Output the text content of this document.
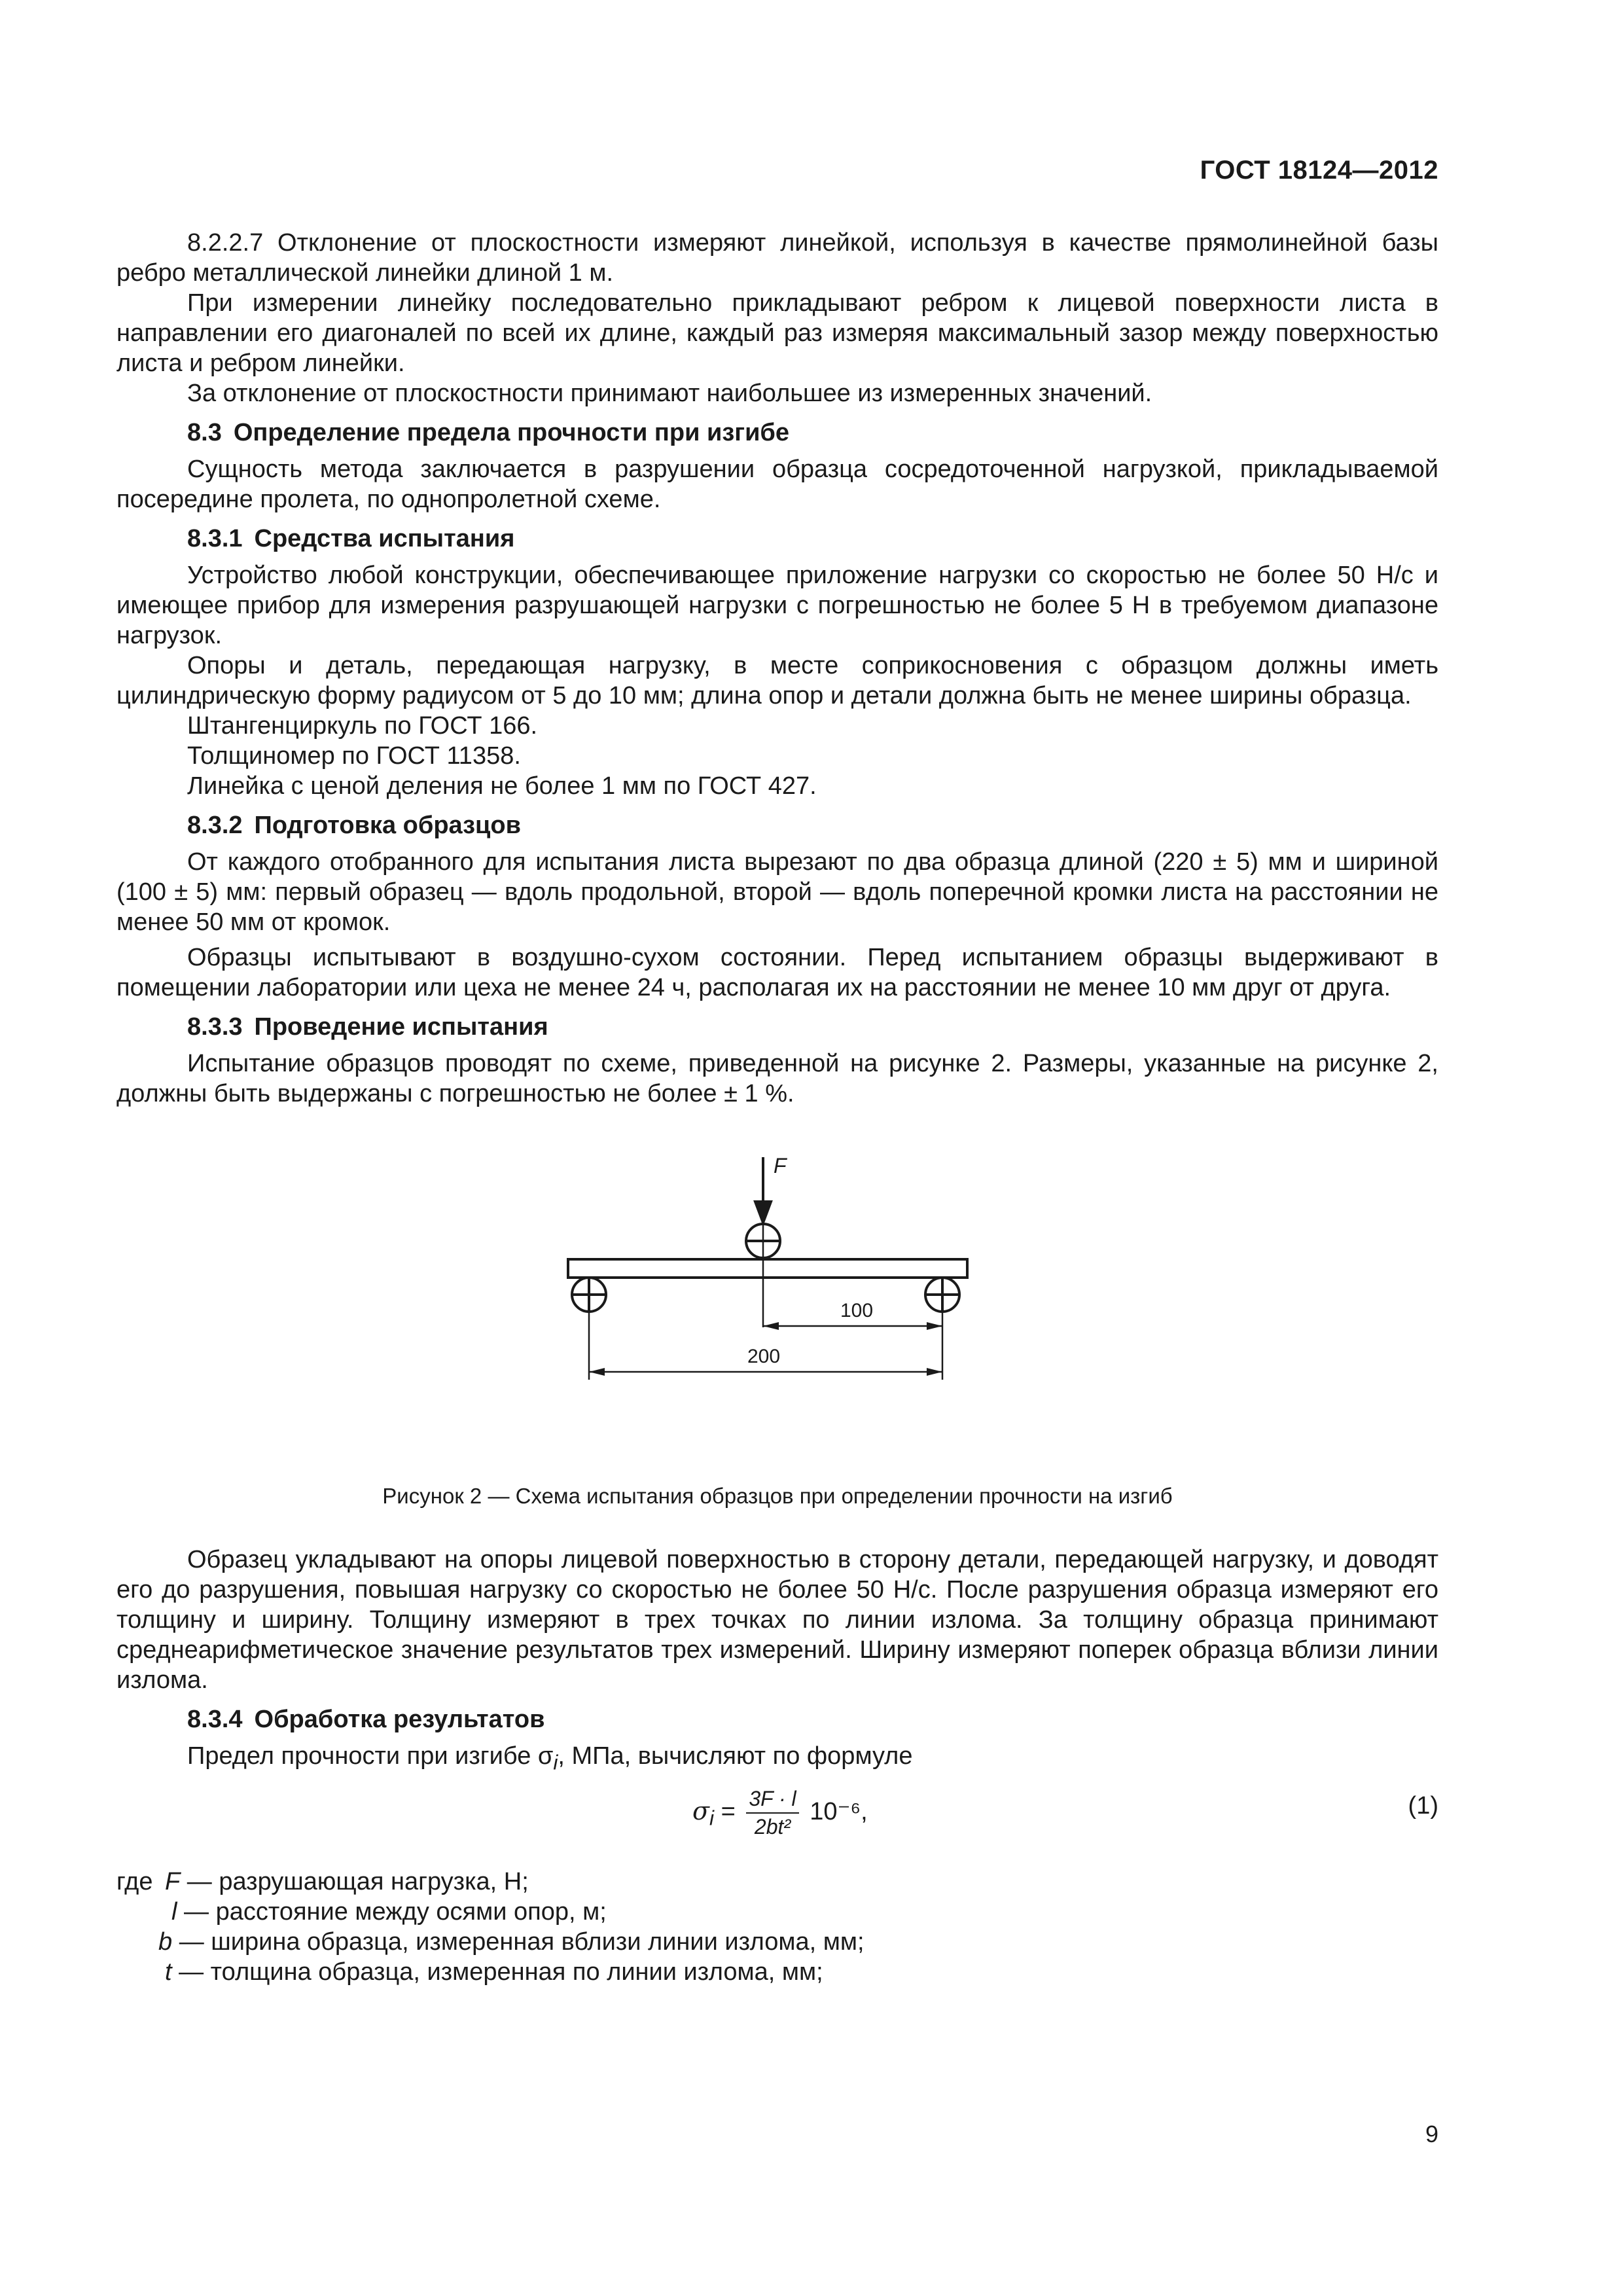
ГОСТ 18124—2012

8.2.2.7 Отклонение от плоскостности измеряют линейкой, используя в качестве прямолинейной базы ребро металлической линейки длиной 1 м.

При измерении линейку последовательно прикладывают ребром к лицевой поверхности листа в направлении его диагоналей по всей их длине, каждый раз измеряя максимальный зазор между поверхностью листа и ребром линейки.

За отклонение от плоскостности принимают наибольшее из измеренных значений.

8.3 Определение предела прочности при изгибе

Сущность метода заключается в разрушении образца сосредоточенной нагрузкой, прикладываемой посередине пролета, по однопролетной схеме.

8.3.1 Средства испытания

Устройство любой конструкции, обеспечивающее приложение нагрузки со скоростью не более 50 Н/с и имеющее прибор для измерения разрушающей нагрузки с погрешностью не более 5 Н в требуемом диапазоне нагрузок.

Опоры и деталь, передающая нагрузку, в месте соприкосновения с образцом должны иметь цилиндрическую форму радиусом от 5 до 10 мм; длина опор и детали должна быть не менее ширины образца.

Штангенциркуль по ГОСТ 166.

Толщиномер по ГОСТ 11358.

Линейка с ценой деления не более 1 мм по ГОСТ 427.

8.3.2 Подготовка образцов

От каждого отобранного для испытания листа вырезают по два образца длиной (220 ± 5) мм и шириной (100 ± 5) мм: первый образец — вдоль продольной, второй — вдоль поперечной кромки листа на расстоянии не менее 50 мм от кромок.

Образцы испытывают в воздушно-сухом состоянии. Перед испытанием образцы выдерживают в помещении лаборатории или цеха не менее 24 ч, располагая их на расстоянии не менее 10 мм друг от друга.

8.3.3 Проведение испытания

Испытание образцов проводят по схеме, приведенной на рисунке 2. Размеры, указанные на рисунке 2, должны быть выдержаны с погрешностью не более ± 1 %.

F
100
200
Рисунок 2 — Схема испытания образцов при определении прочности на изгиб

Образец укладывают на опоры лицевой поверхностью в сторону детали, передающей нагрузку, и доводят его до разрушения, повышая нагрузку со скоростью не более 50 Н/с. После разрушения образца измеряют его толщину и ширину. Толщину измеряют в трех точках по линии излома. За толщину образца принимают среднеарифметическое значение результатов трех измерений. Ширину измеряют поперек образца вблизи линии излома.

8.3.4 Обработка результатов

Предел прочности при изгибе $\sigma_i$, МПа, вычисляют по формуле

$\sigma_i = \frac{3F \cdot l}{\text{2bt²}} 10^{-6}$,	(1)
где F — разрушающая нагрузка, Н;
l — расстояние между осями опор, м;
b — ширина образца, измеренная вблизи линии излома, мм;
t — толщина образца, измеренная по линии излома, мм;
9
